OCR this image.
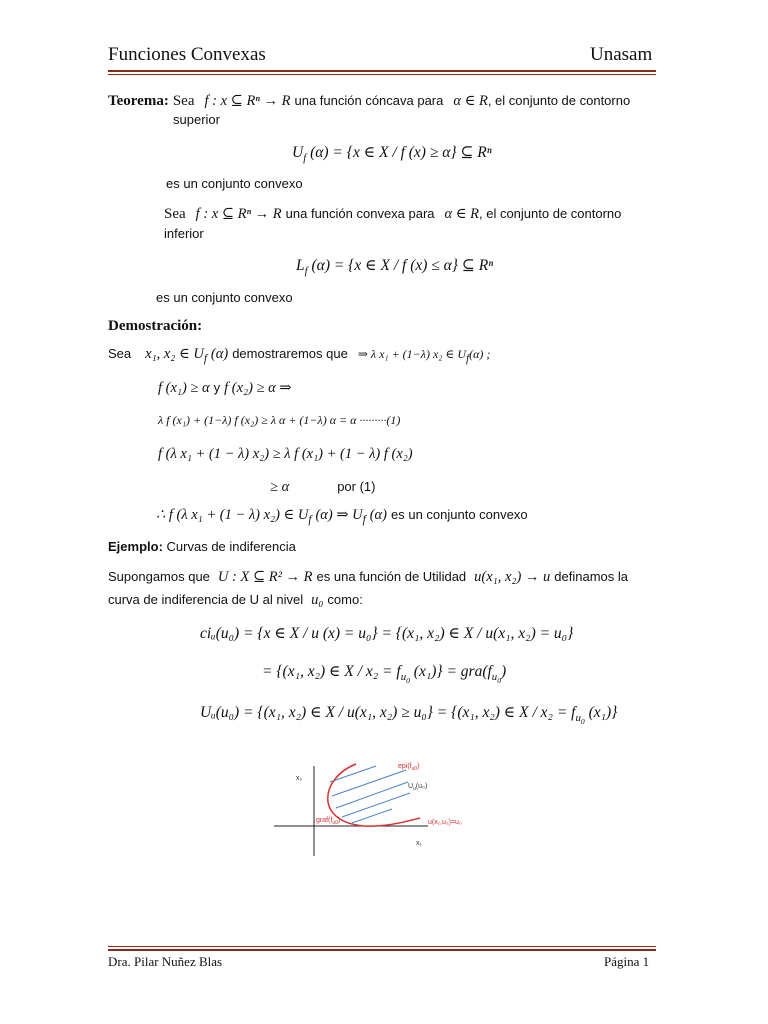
Funciones Convexas	Unasam
Teorema: Sea f : x ⊆ Rⁿ → R una función cóncava para α ∈ R, el conjunto de contorno
superior
$U_f$ (α) = {x ∈ X / f (x) ≥ α} ⊆ Rⁿ
es un conjunto convexo
Sea f : x ⊆ Rⁿ → R una función convexa para α ∈ R, el conjunto de contorno
inferior
$L_f$ (α) = {x ∈ X / f (x) ≤ α} ⊆ Rⁿ
es un conjunto convexo
Demostración:
Sea x₁, x₂ ∈ $U_f$ (α) demostraremos que ⇒ λ x₁ + (1−λ) x₂ ∈ $U_f(\alpha)$ ;
f (x₁) ≥ α y f (x₂) ≥ α ⇒
λ f (x₁) + (1−λ) f (x₂) ≥ λ α + (1−λ) α = α ·········(1)
f (λ x₁ + (1 − λ) x₂) ≥ λ f (x₁) + (1 − λ) f (x₂)
≥ α	por (1)
∴ f (λ x₁ + (1 − λ) x₂) ∈ $U_f$ (α) ⇒ $U_f$ (α) es un conjunto convexo
Ejemplo: Curvas de indiferencia
Supongamos que U : X ⊆ R² → R es una función de Utilidad u(x₁, x₂) → u definamos la
curva de indiferencia de U al nivel u₀ como:
ciᵤ(u₀) = {x ∈ X / u (x) = u₀} = {(x₁, x₂) ∈ X / u(x₁, x₂) = u₀}
= {(x₁, x₂) ∈ $X / x_2 = f_{u_0}$ $(x_1)\} = gra(f_{u_0})$
Uᵤ(u₀) = {(x₁, x₂) ∈ X / u(x₁, x₂) ≥ u₀} = {(x₁, x₂) ∈ $X / x_2 = f_{u_0}$ (x₁)}
x₂
x₁
$epi(f_{u0})$
$U_u(u_0)$
$graf(f_{u0})$	u(x₁,u₂)=u₀
Dra. Pilar Nuñez Blas	Página 1
